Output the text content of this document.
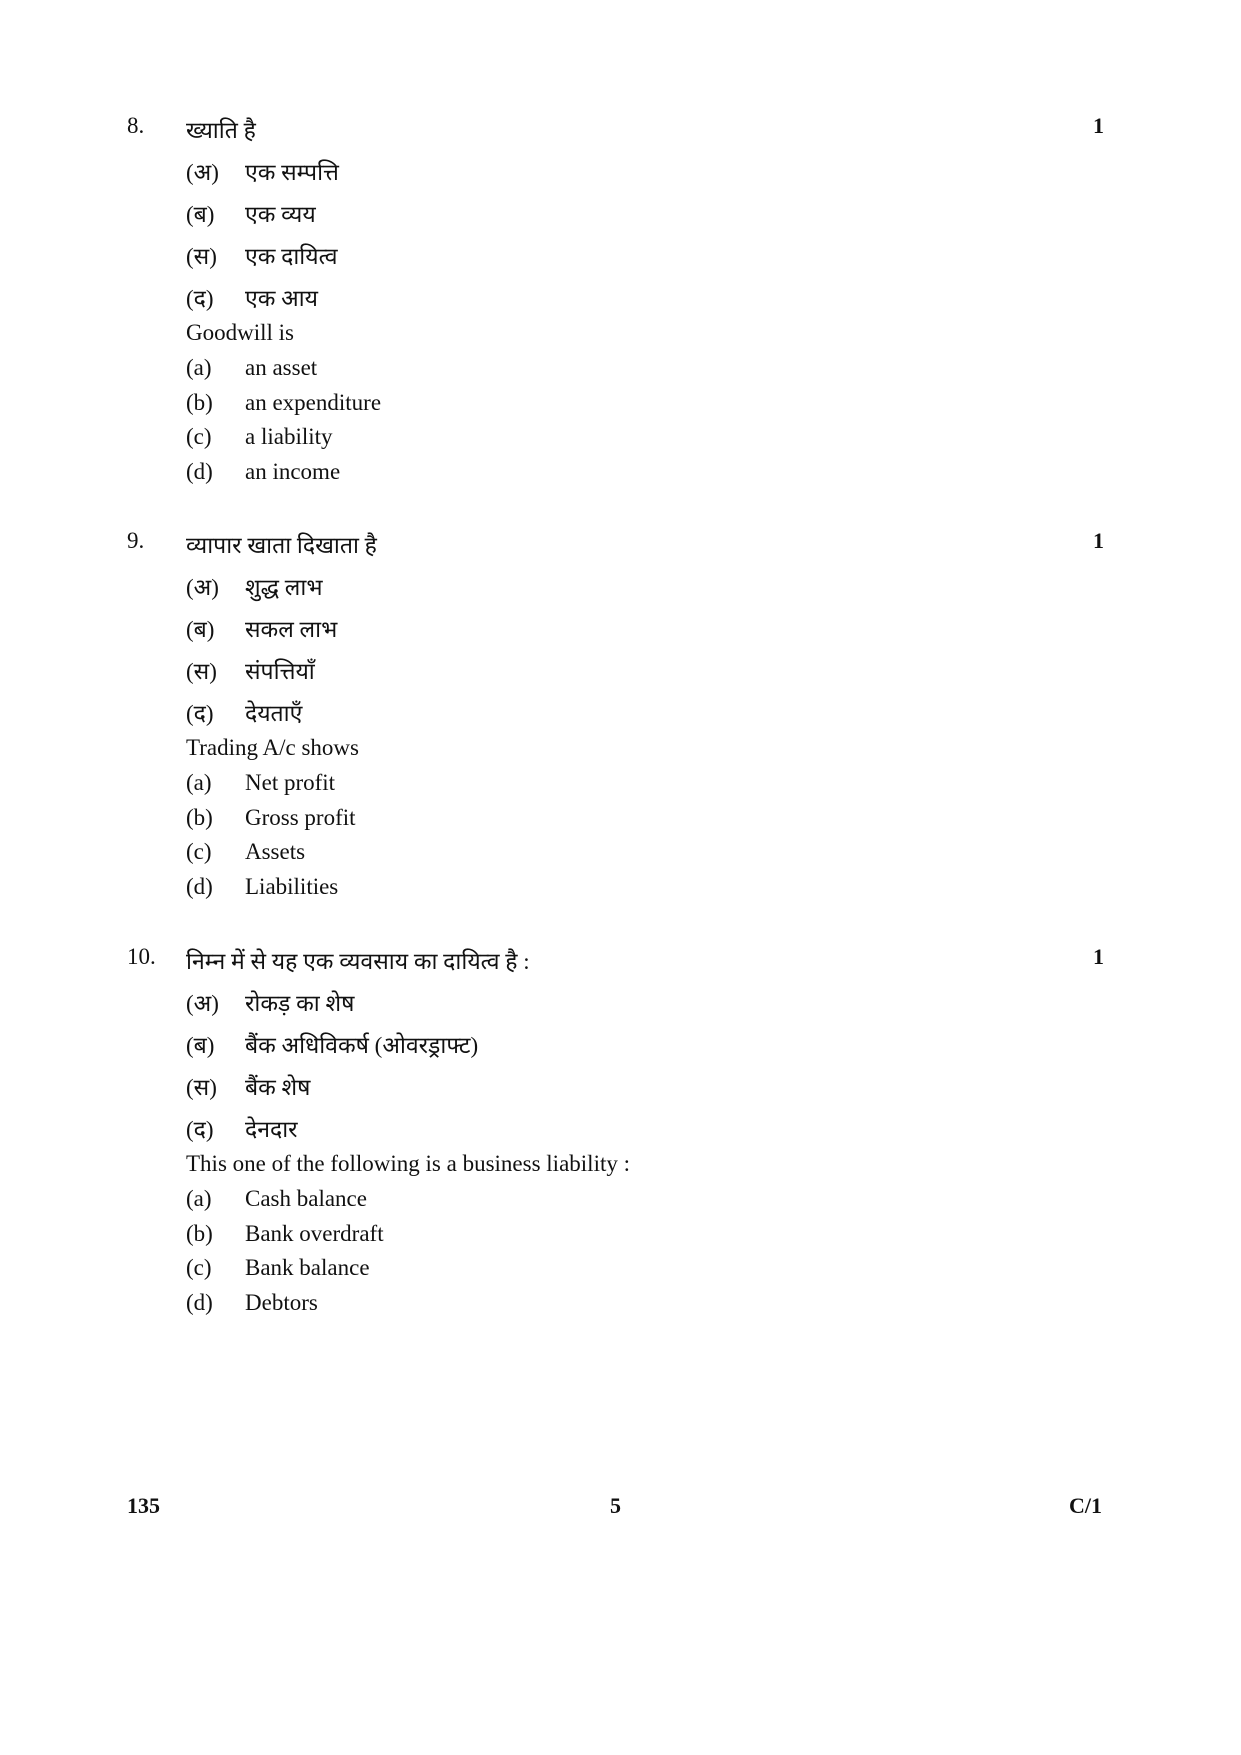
8. ख्याति है	1
(अ) एक सम्पत्ति
(ब) एक व्यय
(स) एक दायित्व
(द) एक आय
Goodwill is
(a) an asset
(b) an expenditure
(c) a liability
(d) an income
9. व्यापार खाता दिखाता है	1
(अ) शुद्ध लाभ
(ब) सकल लाभ
(स) संपत्तियाँ
(द) देयताएँ
Trading A/c shows
(a) Net profit
(b) Gross profit
(c) Assets
(d) Liabilities
10. निम्न में से यह एक व्यवसाय का दायित्व है :	1
(अ) रोकड़ का शेष
(ब) बैंक अधिविकर्ष (ओवरड्राफ्ट)
(स) बैंक शेष
(द) देनदार
This one of the following is a business liability :
(a) Cash balance
(b) Bank overdraft
(c) Bank balance
(d) Debtors
135	5	C/1
